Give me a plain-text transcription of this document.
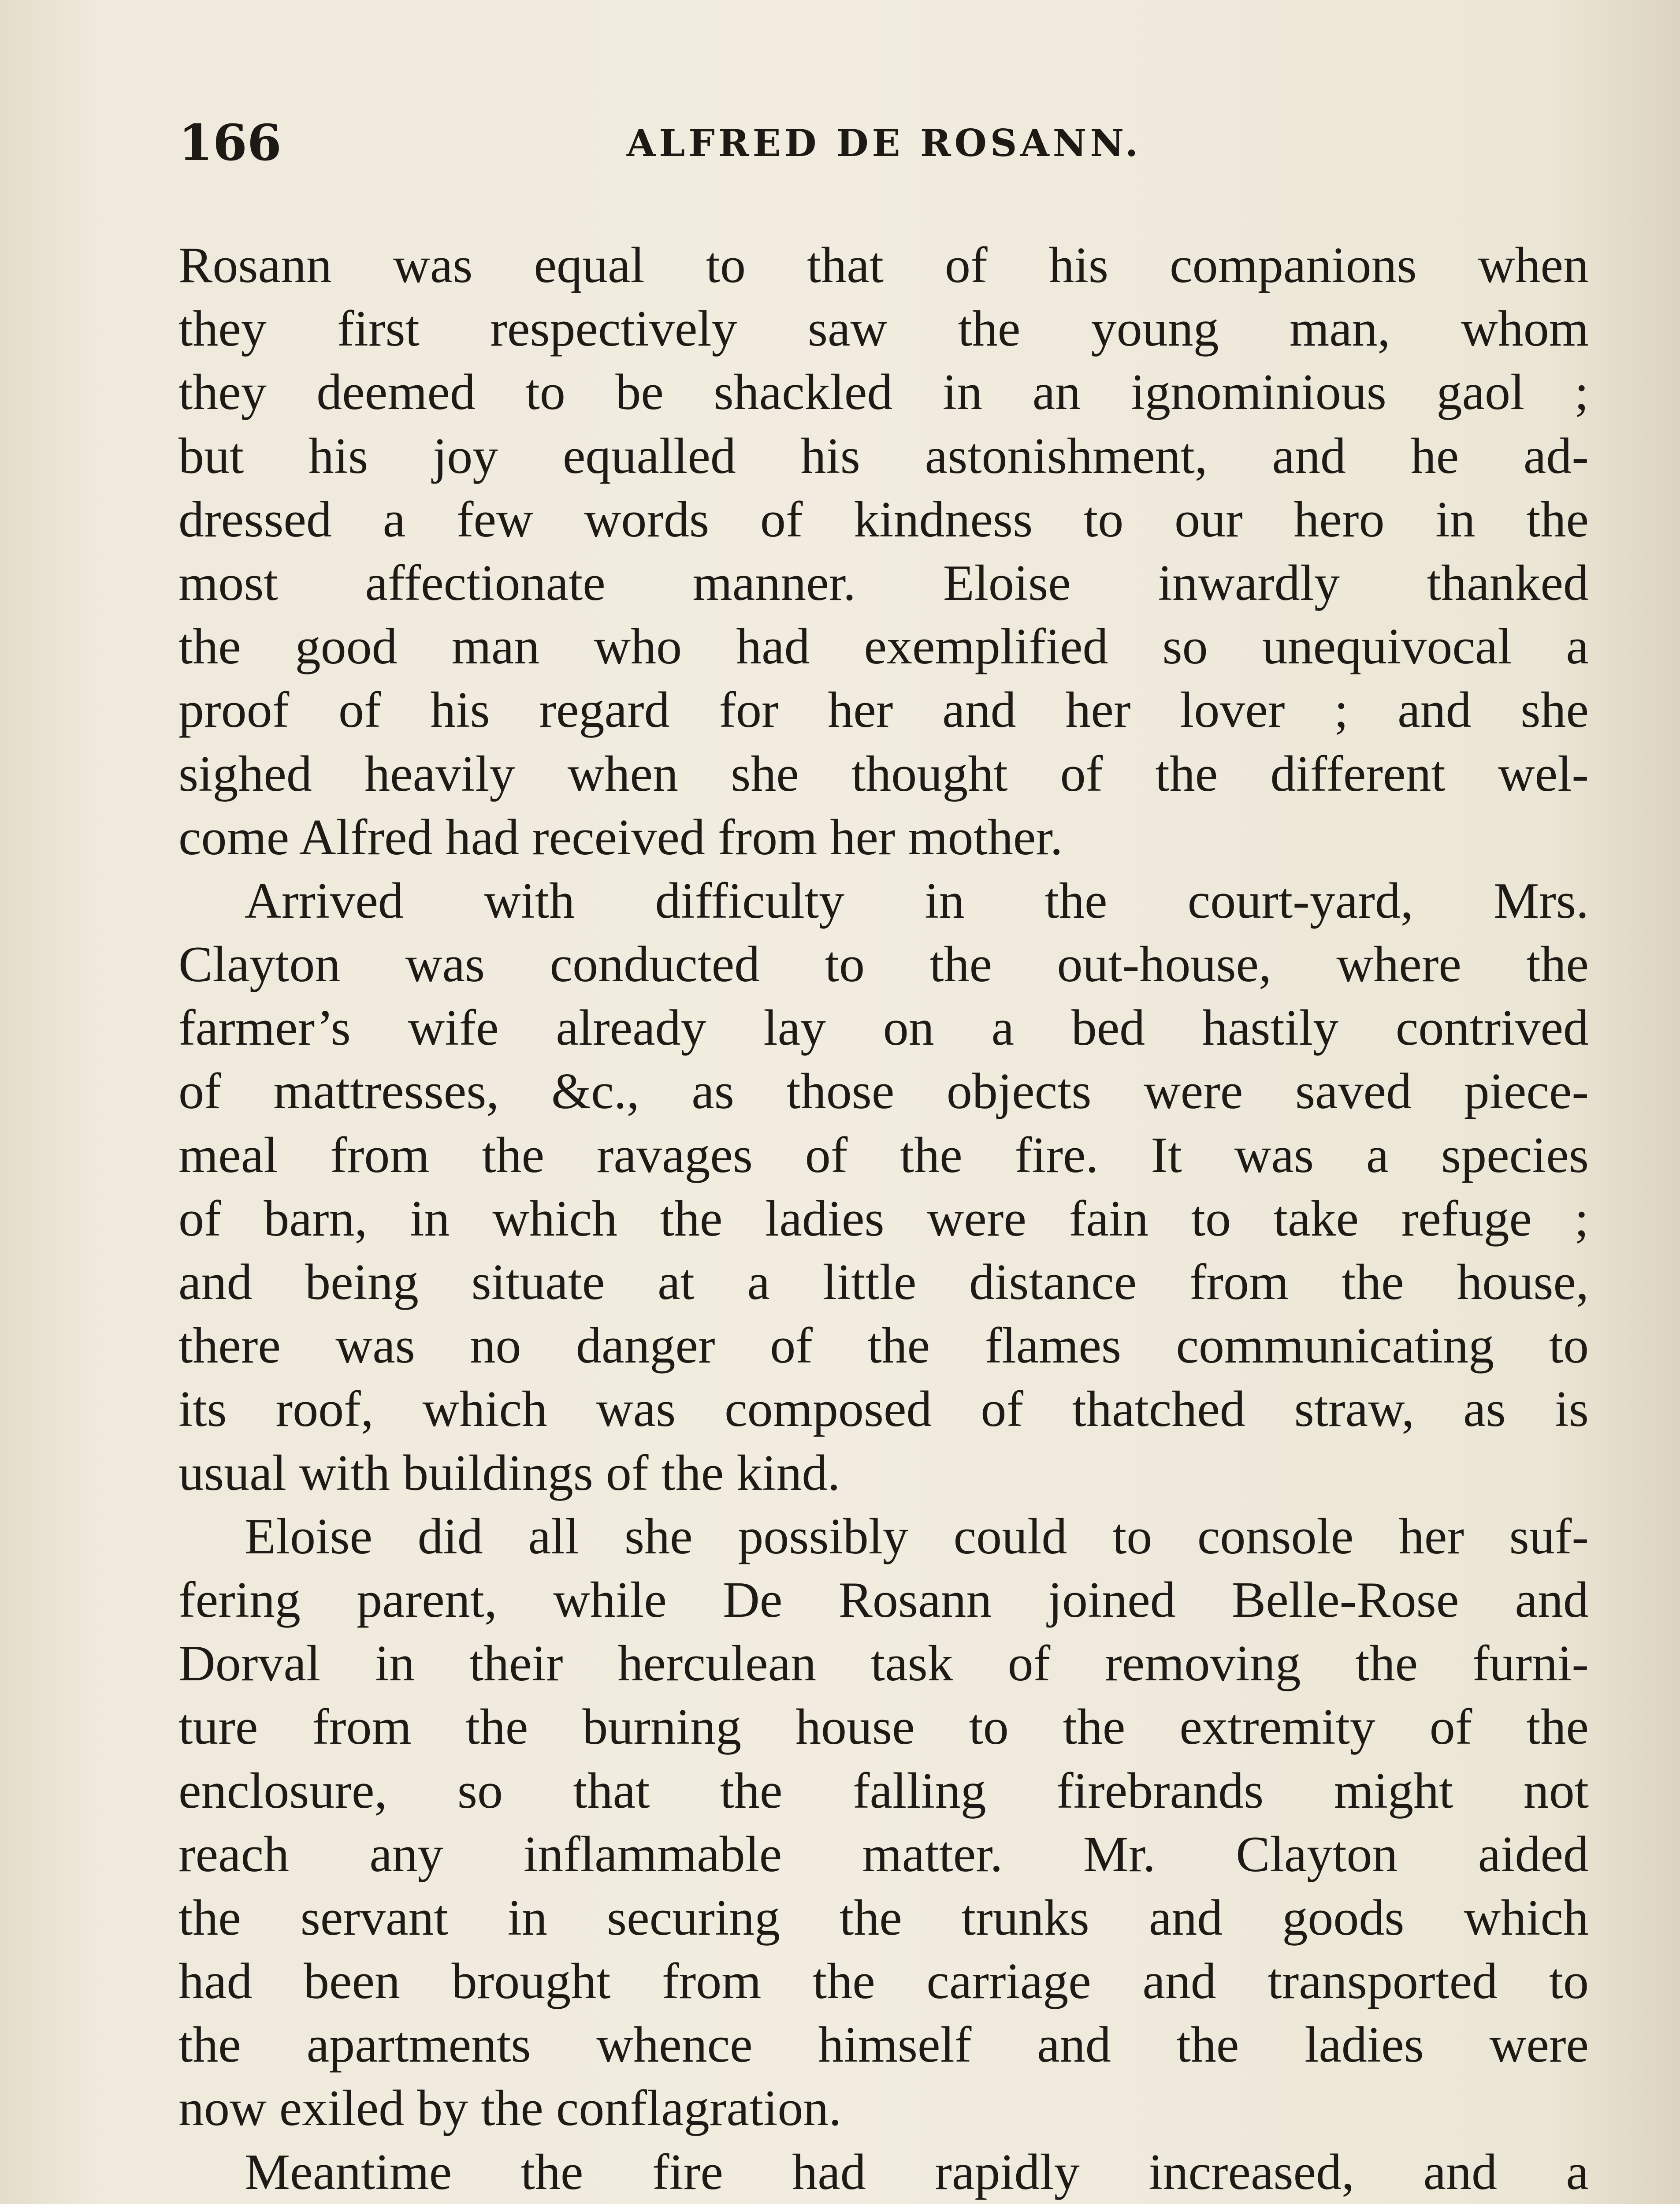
166	ALFRED DE ROSANN.
Rosann was equal to that of his companions when
they first respectively saw the young man, whom
they deemed to be shackled in an ignominious gaol ;
but his joy equalled his astonishment, and he ad-
dressed a few words of kindness to our hero in the
most affectionate manner. Eloise inwardly thanked
the good man who had exemplified so unequivocal a
proof of his regard for her and her lover ; and she
sighed heavily when she thought of the different wel-
come Alfred had received from her mother.
Arrived with difficulty in the court-yard, Mrs.
Clayton was conducted to the out-house, where the
farmer’s wife already lay on a bed hastily contrived
of mattresses, &c., as those objects were saved piece-
meal from the ravages of the fire. It was a species
of barn, in which the ladies were fain to take refuge ;
and being situate at a little distance from the house,
there was no danger of the flames communicating to
its roof, which was composed of thatched straw, as is
usual with buildings of the kind.
Eloise did all she possibly could to console her suf-
fering parent, while De Rosann joined Belle-Rose and
Dorval in their herculean task of removing the furni-
ture from the burning house to the extremity of the
enclosure, so that the falling firebrands might not
reach any inflammable matter. Mr. Clayton aided
the servant in securing the trunks and goods which
had been brought from the carriage and transported to
the apartments whence himself and the ladies were
now exiled by the conflagration.
Meantime the fire had rapidly increased, and a
